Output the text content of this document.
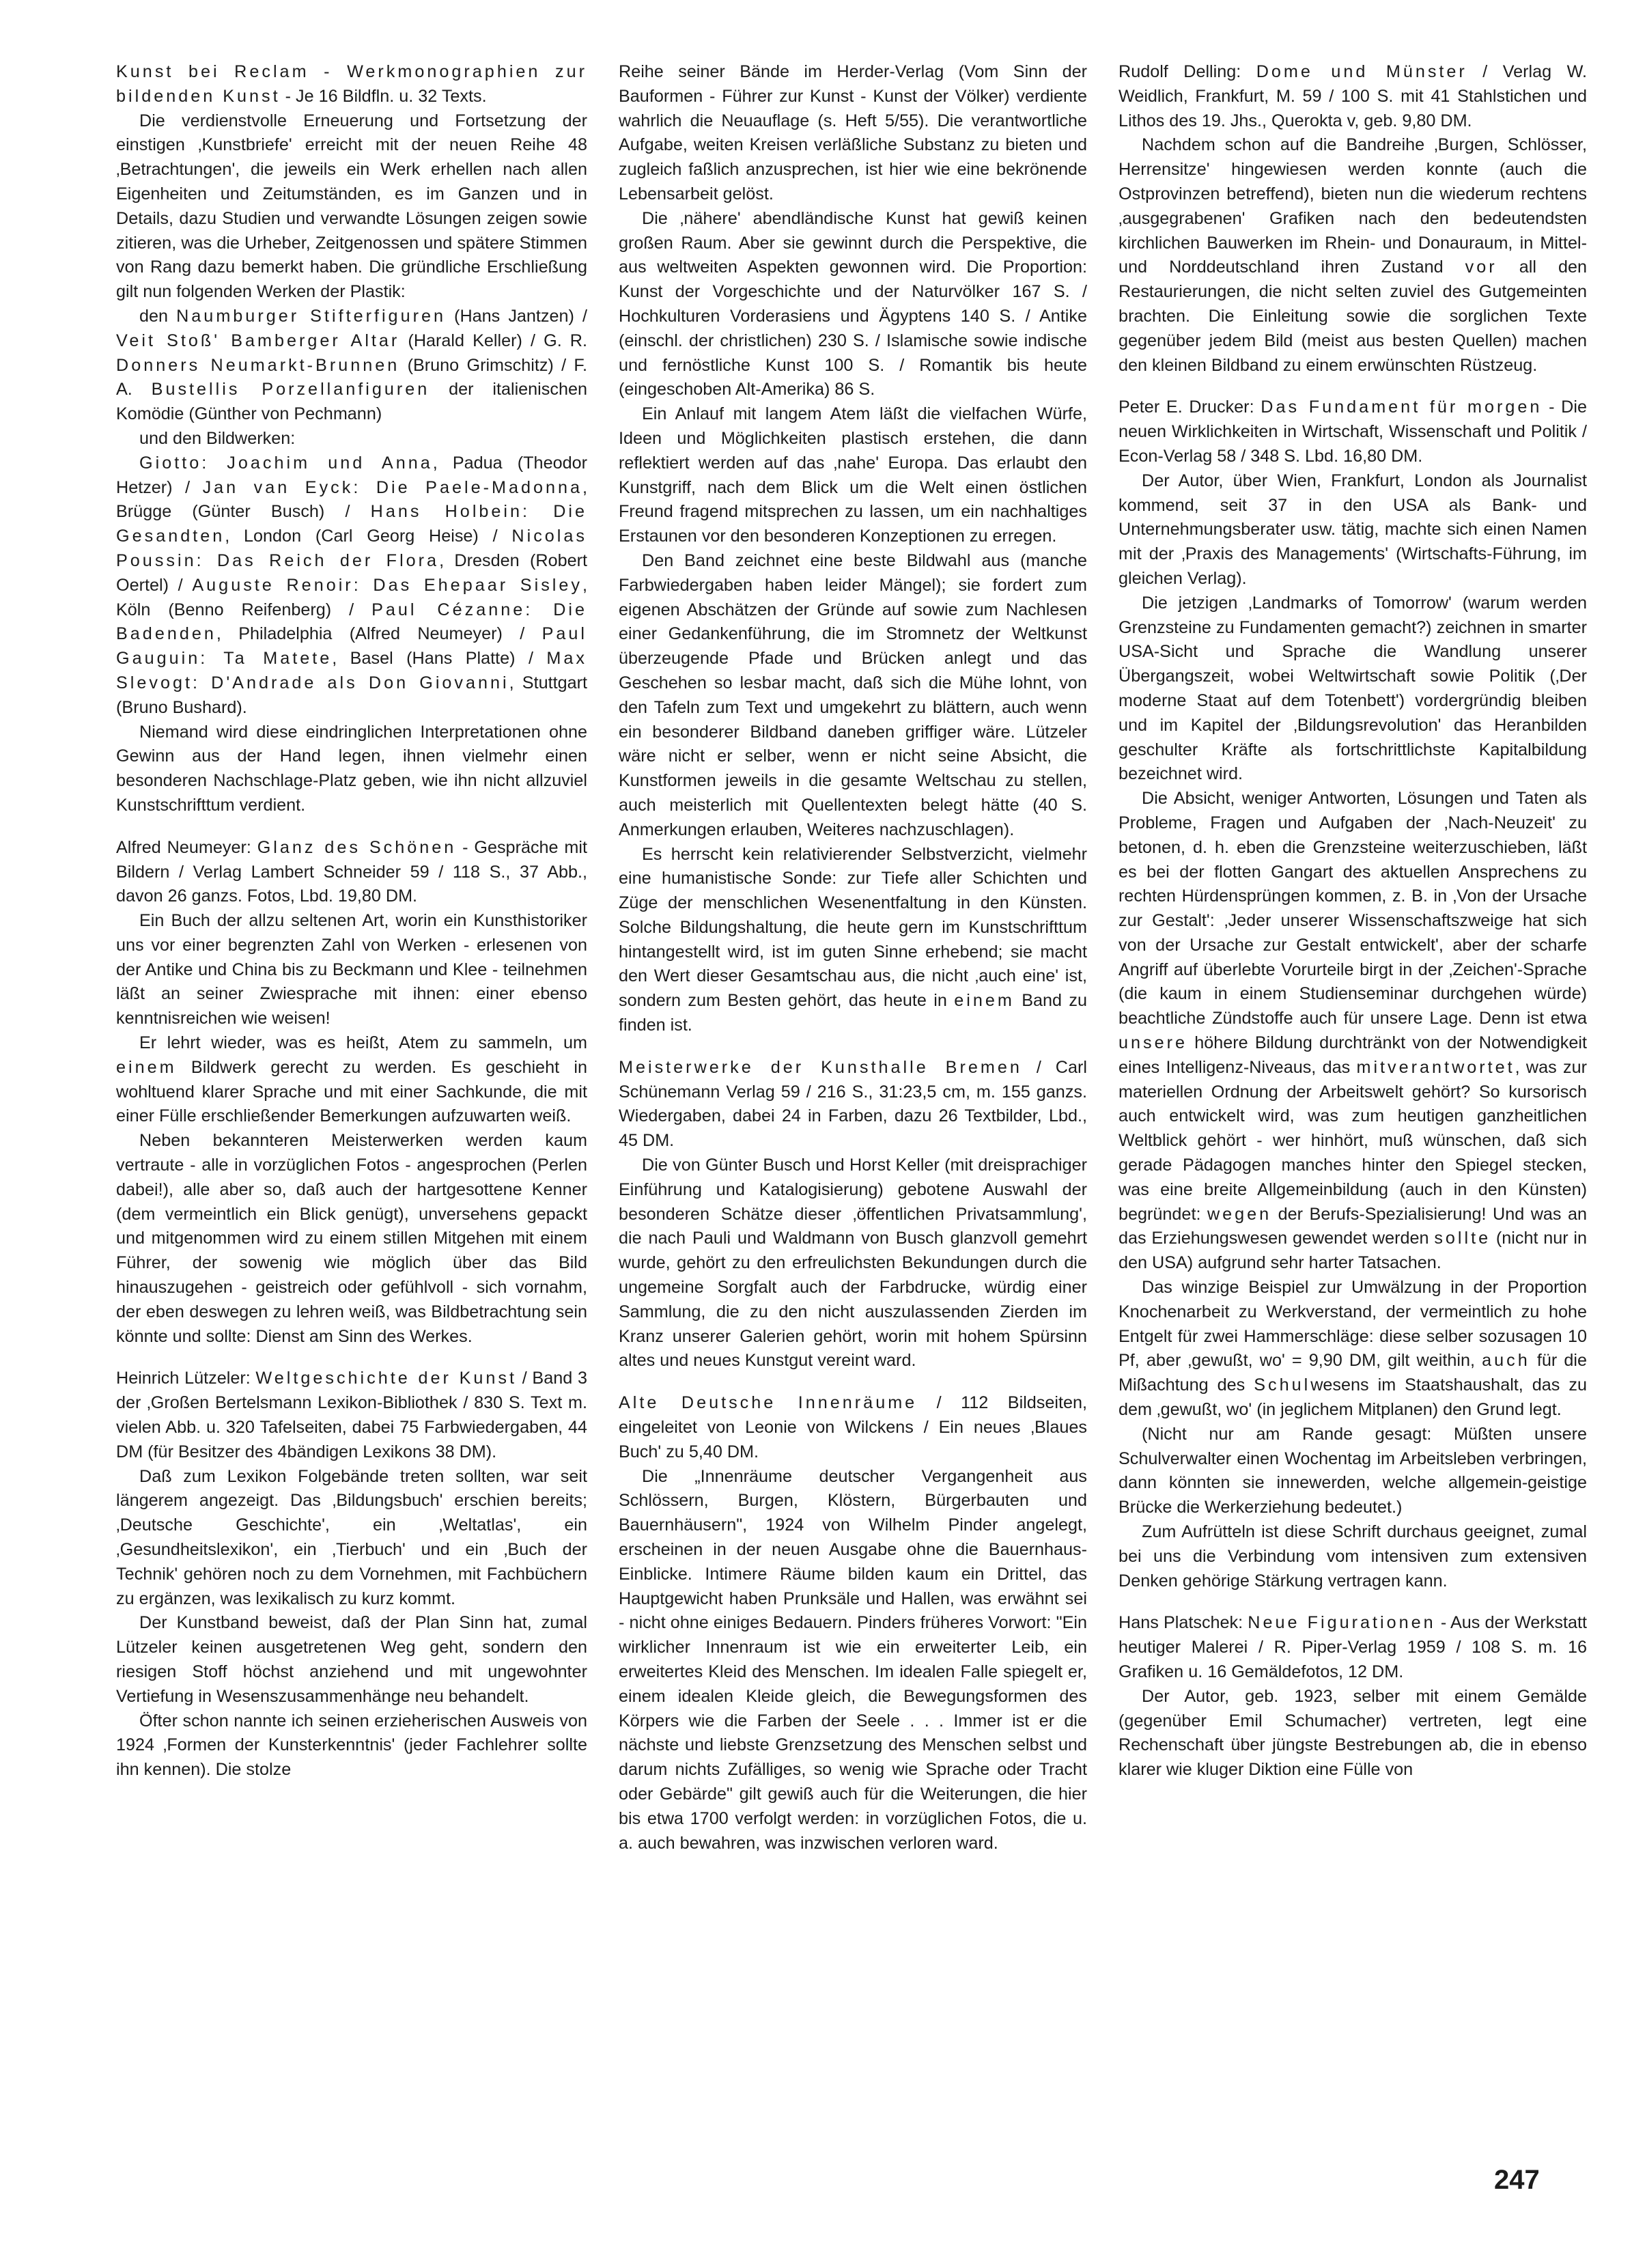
Kunst bei Reclam - Werkmonographien zur bildenden Kunst - Je 16 Bildfln. u. 32 Texts.

Die verdienstvolle Erneuerung und Fortsetzung der einstigen ‚Kunstbriefe' erreicht mit der neuen Reihe 48 ‚Betrachtungen', die jeweils ein Werk erhellen nach allen Eigenheiten und Zeitumständen, es im Ganzen und in Details, dazu Studien und verwandte Lösungen zeigen sowie zitieren, was die Urheber, Zeitgenossen und spätere Stimmen von Rang dazu bemerkt haben. Die gründliche Erschließung gilt nun folgenden Werken der Plastik:

den Naumburger Stifterfiguren (Hans Jantzen) / Veit Stoß' Bamberger Altar (Harald Keller) / G. R. Donners Neumarkt-Brunnen (Bruno Grimschitz) / F. A. Bustellis Porzellanfiguren der italienischen Komödie (Günther von Pechmann)

und den Bildwerken:

Giotto: Joachim und Anna, Padua (Theodor Hetzer) / Jan van Eyck: Die Paele-Madonna, Brügge (Günter Busch) / Hans Holbein: Die Gesandten, London (Carl Georg Heise) / Nicolas Poussin: Das Reich der Flora, Dresden (Robert Oertel) / Auguste Renoir: Das Ehepaar Sisley, Köln (Benno Reifenberg) / Paul Cézanne: Die Badenden, Philadelphia (Alfred Neumeyer) / Paul Gauguin: Ta Matete, Basel (Hans Platte) / Max Slevogt: D'Andrade als Don Giovanni, Stuttgart (Bruno Bushard).

Niemand wird diese eindringlichen Interpretationen ohne Gewinn aus der Hand legen, ihnen vielmehr einen besonderen Nachschlage-Platz geben, wie ihn nicht allzuviel Kunstschrifttum verdient.

Alfred Neumeyer: Glanz des Schönen - Gespräche mit Bildern / Verlag Lambert Schneider 59 / 118 S., 37 Abb., davon 26 ganzs. Fotos, Lbd. 19,80 DM.

Ein Buch der allzu seltenen Art, worin ein Kunsthistoriker uns vor einer begrenzten Zahl von Werken - erlesenen von der Antike und China bis zu Beckmann und Klee - teilnehmen läßt an seiner Zwiesprache mit ihnen: einer ebenso kenntnisreichen wie weisen!

Er lehrt wieder, was es heißt, Atem zu sammeln, um einem Bildwerk gerecht zu werden. Es geschieht in wohltuend klarer Sprache und mit einer Sachkunde, die mit einer Fülle erschließender Bemerkungen aufzuwarten weiß.

Neben bekannteren Meisterwerken werden kaum vertraute - alle in vorzüglichen Fotos - angesprochen (Perlen dabei!), alle aber so, daß auch der hartgesottene Kenner (dem vermeintlich ein Blick genügt), unversehens gepackt und mitgenommen wird zu einem stillen Mitgehen mit einem Führer, der sowenig wie möglich über das Bild hinauszugehen - geistreich oder gefühlvoll - sich vornahm, der eben deswegen zu lehren weiß, was Bildbetrachtung sein könnte und sollte: Dienst am Sinn des Werkes.

Heinrich Lützeler: Weltgeschichte der Kunst / Band 3 der ‚Großen Bertelsmann Lexikon-Bibliothek / 830 S. Text m. vielen Abb. u. 320 Tafelseiten, dabei 75 Farbwiedergaben, 44 DM (für Besitzer des 4bändigen Lexikons 38 DM).

Daß zum Lexikon Folgebände treten sollten, war seit längerem angezeigt. Das ‚Bildungsbuch' erschien bereits; ‚Deutsche Geschichte', ein ‚Weltatlas', ein ‚Gesundheitslexikon', ein ‚Tierbuch' und ein ‚Buch der Technik' gehören noch zu dem Vornehmen, mit Fachbüchern zu ergänzen, was lexikalisch zu kurz kommt.

Der Kunstband beweist, daß der Plan Sinn hat, zumal Lützeler keinen ausgetretenen Weg geht, sondern den riesigen Stoff höchst anziehend und mit ungewohnter Vertiefung in Wesenszusammenhänge neu behandelt.

Öfter schon nannte ich seinen erzieherischen Ausweis von 1924 ‚Formen der Kunsterkenntnis' (jeder Fachlehrer sollte ihn kennen). Die stolze

Reihe seiner Bände im Herder-Verlag (Vom Sinn der Bauformen - Führer zur Kunst - Kunst der Völker) verdiente wahrlich die Neuauflage (s. Heft 5/55). Die verantwortliche Aufgabe, weiten Kreisen verläßliche Substanz zu bieten und zugleich faßlich anzusprechen, ist hier wie eine bekrönende Lebensarbeit gelöst.

Die ‚nähere' abendländische Kunst hat gewiß keinen großen Raum. Aber sie gewinnt durch die Perspektive, die aus weltweiten Aspekten gewonnen wird. Die Proportion: Kunst der Vorgeschichte und der Naturvölker 167 S. / Hochkulturen Vorderasiens und Ägyptens 140 S. / Antike (einschl. der christlichen) 230 S. / Islamische sowie indische und fernöstliche Kunst 100 S. / Romantik bis heute (eingeschoben Alt-Amerika) 86 S.

Ein Anlauf mit langem Atem läßt die vielfachen Würfe, Ideen und Möglichkeiten plastisch erstehen, die dann reflektiert werden auf das ‚nahe' Europa. Das erlaubt den Kunstgriff, nach dem Blick um die Welt einen östlichen Freund fragend mitsprechen zu lassen, um ein nachhaltiges Erstaunen vor den besonderen Konzeptionen zu erregen.

Den Band zeichnet eine beste Bildwahl aus (manche Farbwiedergaben haben leider Mängel); sie fordert zum eigenen Abschätzen der Gründe auf sowie zum Nachlesen einer Gedankenführung, die im Stromnetz der Weltkunst überzeugende Pfade und Brücken anlegt und das Geschehen so lesbar macht, daß sich die Mühe lohnt, von den Tafeln zum Text und umgekehrt zu blättern, auch wenn ein besonderer Bildband daneben griffiger wäre. Lützeler wäre nicht er selber, wenn er nicht seine Absicht, die Kunstformen jeweils in die gesamte Weltschau zu stellen, auch meisterlich mit Quellentexten belegt hätte (40 S. Anmerkungen erlauben, Weiteres nachzuschlagen).

Es herrscht kein relativierender Selbstverzicht, vielmehr eine humanistische Sonde: zur Tiefe aller Schichten und Züge der menschlichen Wesenentfaltung in den Künsten. Solche Bildungshaltung, die heute gern im Kunstschrifttum hintangestellt wird, ist im guten Sinne erhebend; sie macht den Wert dieser Gesamtschau aus, die nicht ‚auch eine' ist, sondern zum Besten gehört, das heute in einem Band zu finden ist.

Meisterwerke der Kunsthalle Bremen / Carl Schünemann Verlag 59 / 216 S., 31:23,5 cm, m. 155 ganzs. Wiedergaben, dabei 24 in Farben, dazu 26 Textbilder, Lbd., 45 DM.

Die von Günter Busch und Horst Keller (mit dreisprachiger Einführung und Katalogisierung) gebotene Auswahl der besonderen Schätze dieser ‚öffentlichen Privatsammlung', die nach Pauli und Waldmann von Busch glanzvoll gemehrt wurde, gehört zu den erfreulichsten Bekundungen durch die ungemeine Sorgfalt auch der Farbdrucke, würdig einer Sammlung, die zu den nicht auszulassenden Zierden im Kranz unserer Galerien gehört, worin mit hohem Spürsinn altes und neues Kunstgut vereint ward.

Alte Deutsche Innenräume / 112 Bildseiten, eingeleitet von Leonie von Wilckens / Ein neues ‚Blaues Buch' zu 5,40 DM.

Die „Innenräume deutscher Vergangenheit aus Schlössern, Burgen, Klöstern, Bürgerbauten und Bauernhäusern", 1924 von Wilhelm Pinder angelegt, erscheinen in der neuen Ausgabe ohne die Bauernhaus-Einblicke. Intimere Räume bilden kaum ein Drittel, das Hauptgewicht haben Prunksäle und Hallen, was erwähnt sei - nicht ohne einiges Bedauern. Pinders früheres Vorwort: "Ein wirklicher Innenraum ist wie ein erweiterter Leib, ein erweitertes Kleid des Menschen. Im idealen Falle spiegelt er, einem idealen Kleide gleich, die Bewegungsformen des Körpers wie die Farben der Seele . . . Immer ist er die nächste und liebste Grenzsetzung des Menschen selbst und darum nichts Zufälliges, so wenig wie Sprache oder Tracht oder Gebärde" gilt gewiß auch für die Weiterungen, die hier bis etwa 1700 verfolgt werden: in vorzüglichen Fotos, die u. a. auch bewahren, was inzwischen verloren ward.

Rudolf Delling: Dome und Münster / Verlag W. Weidlich, Frankfurt, M. 59 / 100 S. mit 41 Stahlstichen und Lithos des 19. Jhs., Querokta v, geb. 9,80 DM.

Nachdem schon auf die Bandreihe ‚Burgen, Schlösser, Herrensitze' hingewiesen werden konnte (auch die Ostprovinzen betreffend), bieten nun die wiederum rechtens ‚ausgegrabenen' Grafiken nach den bedeutendsten kirchlichen Bauwerken im Rhein- und Donauraum, in Mittel- und Norddeutschland ihren Zustand vor all den Restaurierungen, die nicht selten zuviel des Gutgemeinten brachten. Die Einleitung sowie die sorglichen Texte gegenüber jedem Bild (meist aus besten Quellen) machen den kleinen Bildband zu einem erwünschten Rüstzeug.

Peter E. Drucker: Das Fundament für morgen - Die neuen Wirklichkeiten in Wirtschaft, Wissenschaft und Politik / Econ-Verlag 58 / 348 S. Lbd. 16,80 DM.

Der Autor, über Wien, Frankfurt, London als Journalist kommend, seit 37 in den USA als Bank- und Unternehmungsberater usw. tätig, machte sich einen Namen mit der ‚Praxis des Managements' (Wirtschafts-Führung, im gleichen Verlag).

Die jetzigen ‚Landmarks of Tomorrow' (warum werden Grenzsteine zu Fundamenten gemacht?) zeichnen in smarter USA-Sicht und Sprache die Wandlung unserer Übergangszeit, wobei Weltwirtschaft sowie Politik (‚Der moderne Staat auf dem Totenbett') vordergründig bleiben und im Kapitel der ‚Bildungsrevolution' das Heranbilden geschulter Kräfte als fortschrittlichste Kapitalbildung bezeichnet wird.

Die Absicht, weniger Antworten, Lösungen und Taten als Probleme, Fragen und Aufgaben der ‚Nach-Neuzeit' zu betonen, d. h. eben die Grenzsteine weiterzuschieben, läßt es bei der flotten Gangart des aktuellen Ansprechens zu rechten Hürdensprüngen kommen, z. B. in ‚Von der Ursache zur Gestalt': ‚Jeder unserer Wissenschaftszweige hat sich von der Ursache zur Gestalt entwickelt', aber der scharfe Angriff auf überlebte Vorurteile birgt in der ‚Zeichen'-Sprache (die kaum in einem Studienseminar durchgehen würde) beachtliche Zündstoffe auch für unsere Lage. Denn ist etwa unsere höhere Bildung durchtränkt von der Notwendigkeit eines Intelligenz-Niveaus, das mitverantwortet, was zur materiellen Ordnung der Arbeitswelt gehört? So kursorisch auch entwickelt wird, was zum heutigen ganzheitlichen Weltblick gehört - wer hinhört, muß wünschen, daß sich gerade Pädagogen manches hinter den Spiegel stecken, was eine breite Allgemeinbildung (auch in den Künsten) begründet: wegen der Berufs-Spezialisierung! Und was an das Erziehungswesen gewendet werden sollte (nicht nur in den USA) aufgrund sehr harter Tatsachen.

Das winzige Beispiel zur Umwälzung in der Proportion Knochenarbeit zu Werkverstand, der vermeintlich zu hohe Entgelt für zwei Hammerschläge: diese selber sozusagen 10 Pf, aber ‚gewußt, wo' = 9,90 DM, gilt weithin, auch für die Mißachtung des Schulwesens im Staatshaushalt, das zu dem ‚gewußt, wo' (in jeglichem Mitplanen) den Grund legt.

(Nicht nur am Rande gesagt: Müßten unsere Schulverwalter einen Wochentag im Arbeitsleben verbringen, dann könnten sie innewerden, welche allgemein-geistige Brücke die Werkerziehung bedeutet.)

Zum Aufrütteln ist diese Schrift durchaus geeignet, zumal bei uns die Verbindung vom intensiven zum extensiven Denken gehörige Stärkung vertragen kann.

Hans Platschek: Neue Figurationen - Aus der Werkstatt heutiger Malerei / R. Piper-Verlag 1959 / 108 S. m. 16 Grafiken u. 16 Gemäldefotos, 12 DM.

Der Autor, geb. 1923, selber mit einem Gemälde (gegenüber Emil Schumacher) vertreten, legt eine Rechenschaft über jüngste Bestrebungen ab, die in ebenso klarer wie kluger Diktion eine Fülle von

247
